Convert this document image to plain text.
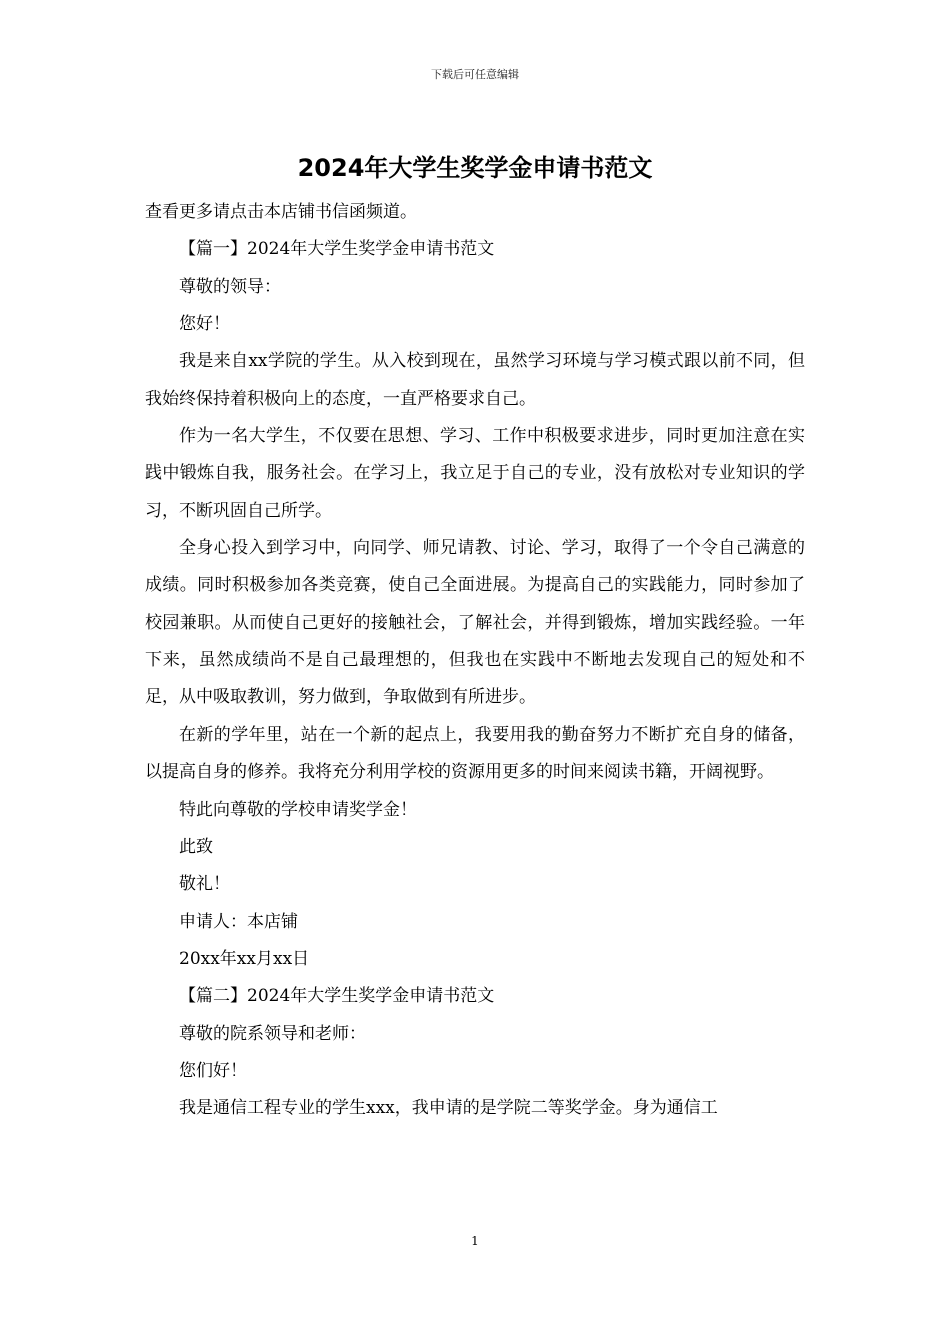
下载后可任意编辑
2024年大学生奖学金申请书范文

查看更多请点击本店铺书信函频道。

【篇一】2024年大学生奖学金申请书范文

尊敬的领导：

您好！

我是来自xx学院的学生。从入校到现在，虽然学习环境与学习模式跟以前不同，但我始终保持着积极向上的态度，一直严格要求自己。

作为一名大学生，不仅要在思想、学习、工作中积极要求进步，同时更加注意在实践中锻炼自我，服务社会。在学习上，我立足于自己的专业，没有放松对专业知识的学习，不断巩固自己所学。

全身心投入到学习中，向同学、师兄请教、讨论、学习，取得了一个令自己满意的成绩。同时积极参加各类竞赛，使自己全面进展。为提高自己的实践能力，同时参加了校园兼职。从而使自己更好的接触社会，了解社会，并得到锻炼，增加实践经验。一年下来，虽然成绩尚不是自己最理想的，但我也在实践中不断地去发现自己的短处和不足，从中吸取教训，努力做到，争取做到有所进步。

在新的学年里，站在一个新的起点上，我要用我的勤奋努力不断扩充自身的储备，以提高自身的修养。我将充分利用学校的资源用更多的时间来阅读书籍，开阔视野。

特此向尊敬的学校申请奖学金！

此致

敬礼！

申请人：本店铺

20xx年xx月xx日

【篇二】2024年大学生奖学金申请书范文

尊敬的院系领导和老师：

您们好！

我是通信工程专业的学生xxx，我申请的是学院二等奖学金。身为通信工

1
